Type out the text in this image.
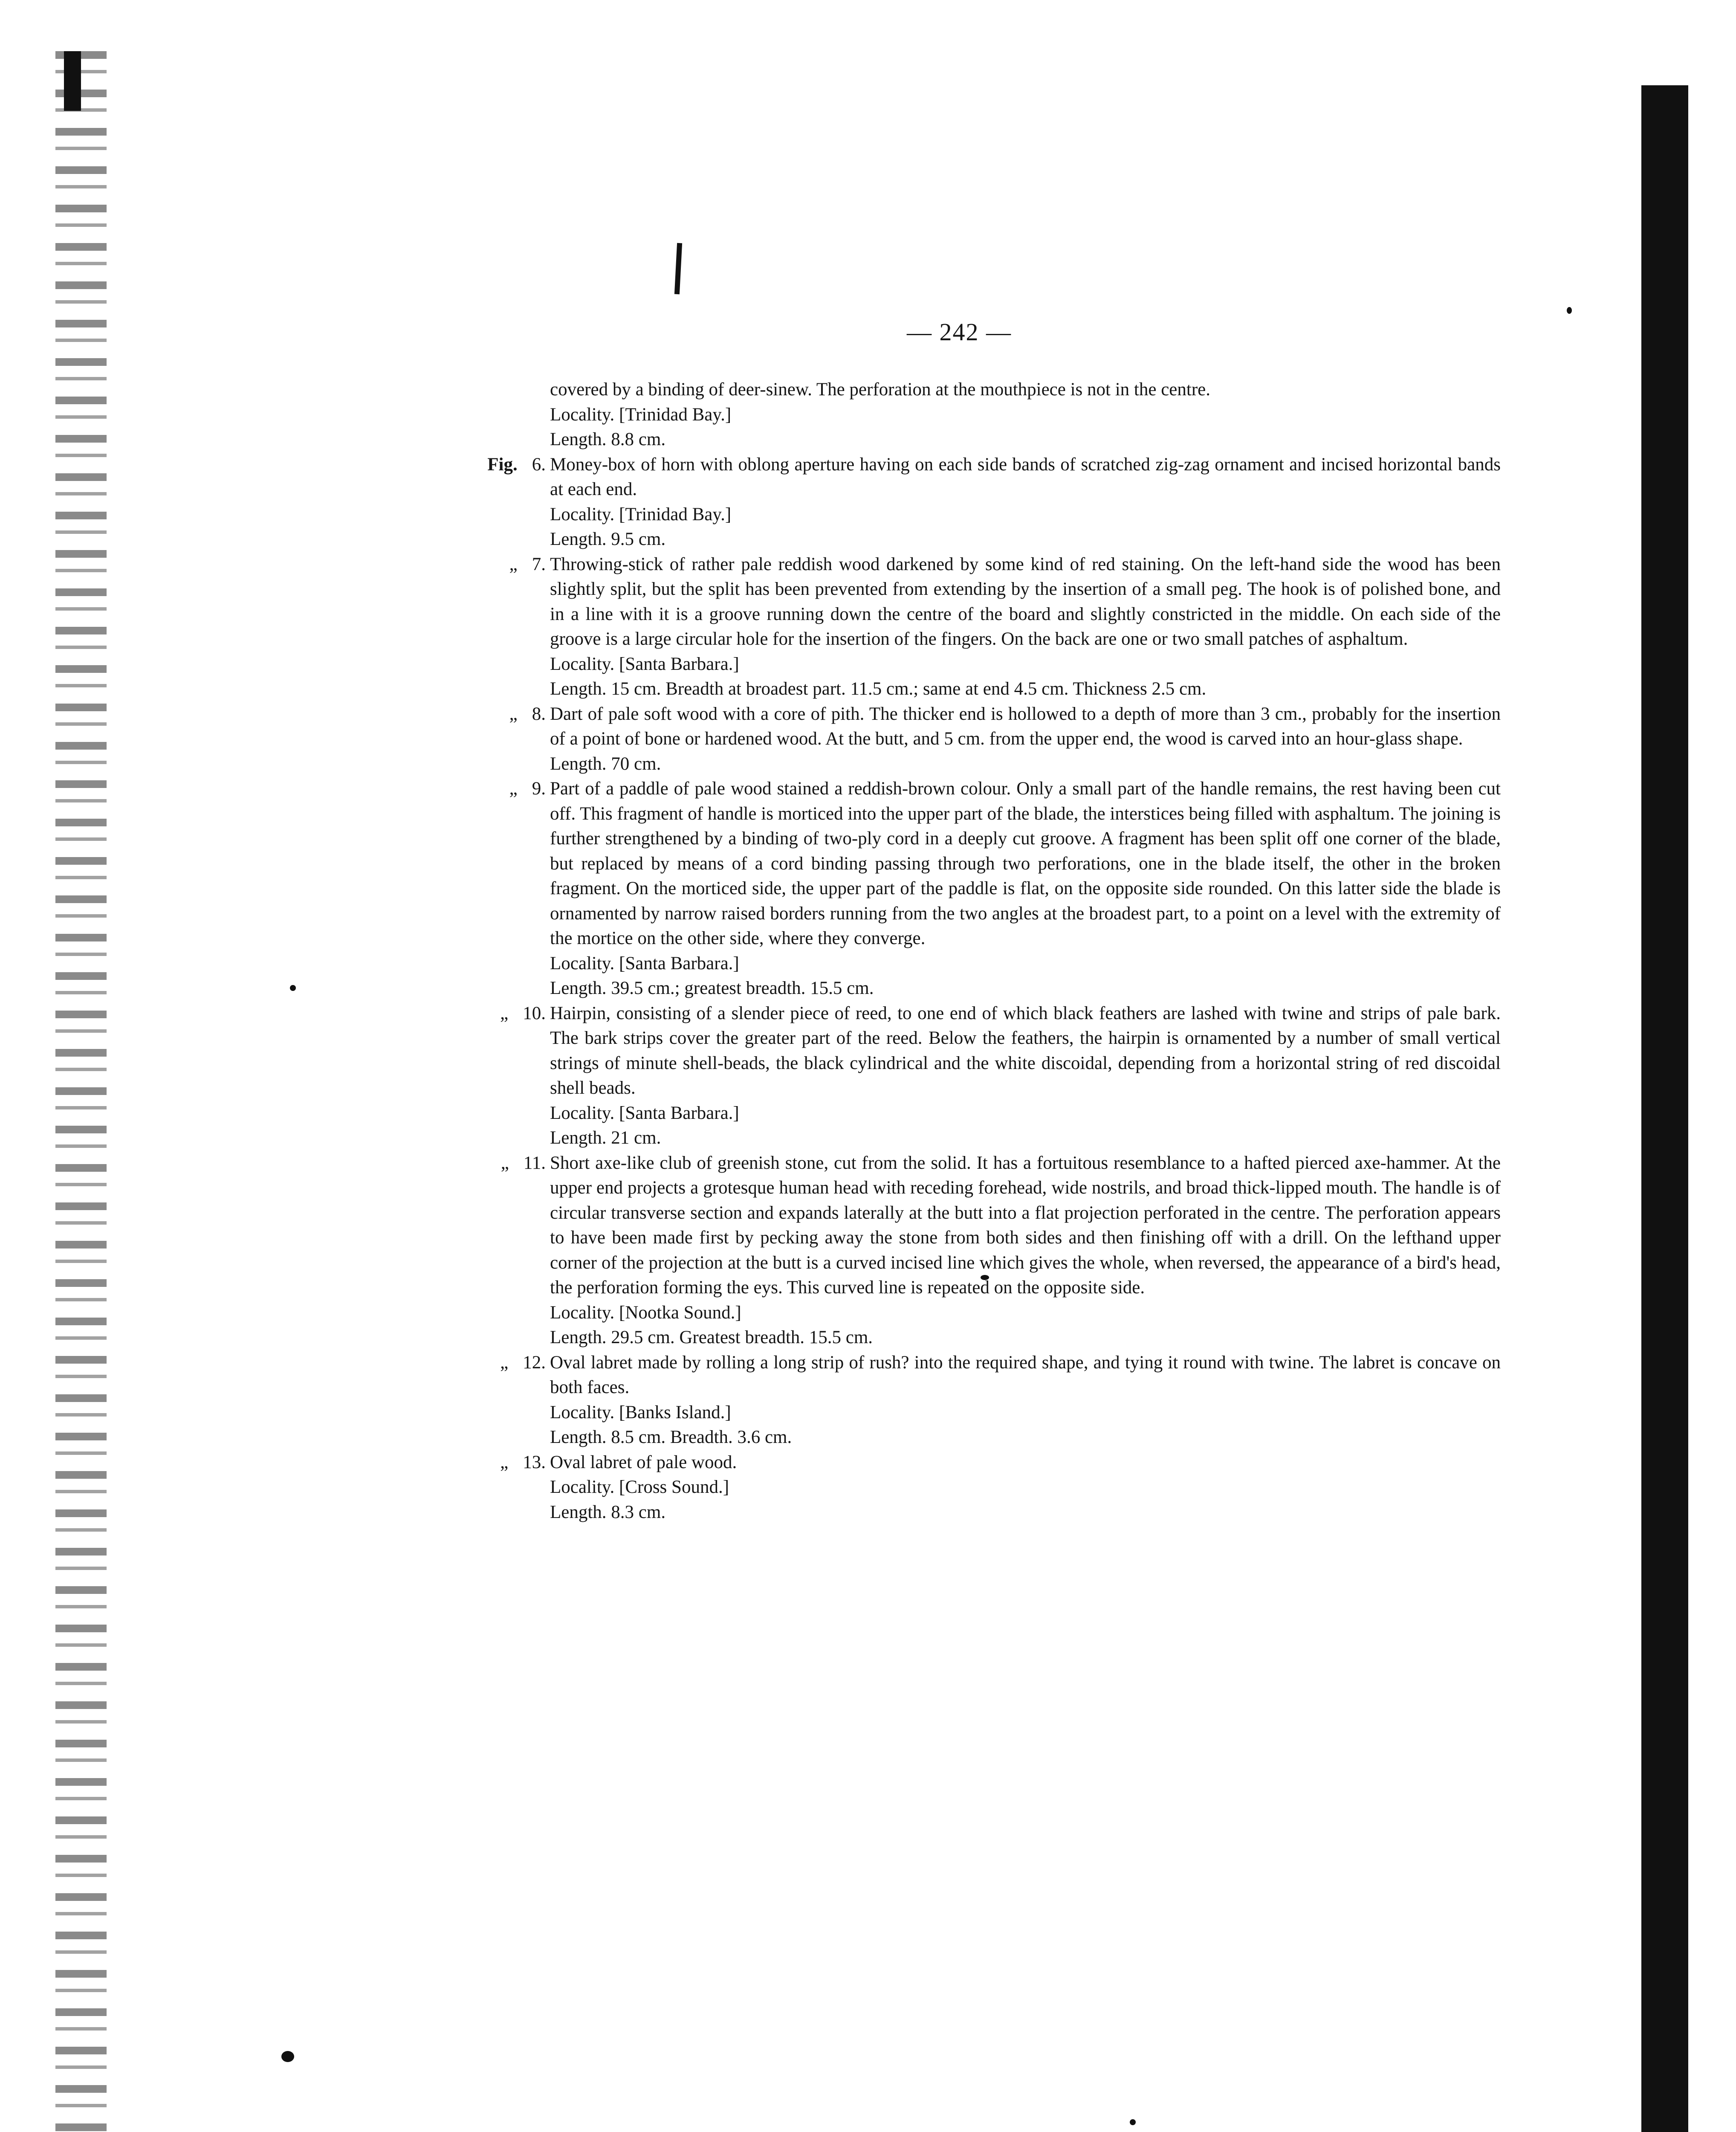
— 242 —
covered by a binding of deer-sinew. The perforation at the mouthpiece is not in the centre.
Locality. [Trinidad Bay.]
Length. 8.8 cm.
Fig. 6. Money-box of horn with oblong aperture having on each side bands of scratched zig-zag ornament and incised horizontal bands at each end.
Locality. [Trinidad Bay.]
Length. 9.5 cm.
„ 7. Throwing-stick of rather pale reddish wood darkened by some kind of red staining. On the left-hand side the wood has been slightly split, but the split has been prevented from extending by the insertion of a small peg. The hook is of polished bone, and in a line with it is a groove running down the centre of the board and slightly constricted in the middle. On each side of the groove is a large circular hole for the insertion of the fingers. On the back are one or two small patches of asphaltum.
Locality. [Santa Barbara.]
Length. 15 cm. Breadth at broadest part. 11.5 cm.; same at end 4.5 cm. Thickness 2.5 cm.
„ 8. Dart of pale soft wood with a core of pith. The thicker end is hollowed to a depth of more than 3 cm., probably for the insertion of a point of bone or hardened wood. At the butt, and 5 cm. from the upper end, the wood is carved into an hour-glass shape.
Length. 70 cm.
„ 9. Part of a paddle of pale wood stained a reddish-brown colour. Only a small part of the handle remains, the rest having been cut off. This fragment of handle is morticed into the upper part of the blade, the interstices being filled with asphaltum. The joining is further strengthened by a binding of two-ply cord in a deeply cut groove. A fragment has been split off one corner of the blade, but replaced by means of a cord binding passing through two perforations, one in the blade itself, the other in the broken fragment. On the morticed side, the upper part of the paddle is flat, on the opposite side rounded. On this latter side the blade is ornamented by narrow raised borders running from the two angles at the broadest part, to a point on a level with the extremity of the mortice on the other side, where they converge.
Locality. [Santa Barbara.]
Length. 39.5 cm.; greatest breadth. 15.5 cm.
„ 10. Hairpin, consisting of a slender piece of reed, to one end of which black feathers are lashed with twine and strips of pale bark. The bark strips cover the greater part of the reed. Below the feathers, the hairpin is ornamented by a number of small vertical strings of minute shell-beads, the black cylindrical and the white discoidal, depending from a horizontal string of red discoidal shell beads.
Locality. [Santa Barbara.]
Length. 21 cm.
„ 11. Short axe-like club of greenish stone, cut from the solid. It has a fortuitous resemblance to a hafted pierced axe-hammer. At the upper end projects a grotesque human head with receding forehead, wide nostrils, and broad thick-lipped mouth. The handle is of circular transverse section and expands laterally at the butt into a flat projection perforated in the centre. The perforation appears to have been made first by pecking away the stone from both sides and then finishing off with a drill. On the lefthand upper corner of the projection at the butt is a curved incised line which gives the whole, when reversed, the appearance of a bird's head, the perforation forming the eys. This curved line is repeated on the opposite side.
Locality. [Nootka Sound.]
Length. 29.5 cm. Greatest breadth. 15.5 cm.
„ 12. Oval labret made by rolling a long strip of rush? into the required shape, and tying it round with twine. The labret is concave on both faces.
Locality. [Banks Island.]
Length. 8.5 cm. Breadth. 3.6 cm.
„ 13. Oval labret of pale wood.
Locality. [Cross Sound.]
Length. 8.3 cm.
